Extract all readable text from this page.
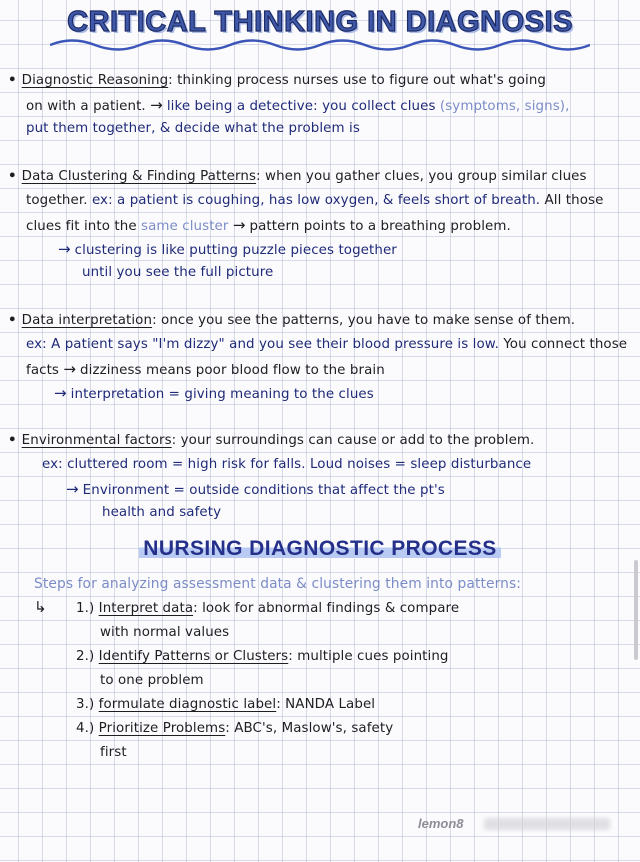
CRITICAL THINKING IN DIAGNOSIS
• Diagnostic Reasoning: thinking process nurses use to figure out what's going
on with a patient. → like being a detective: you collect clues (symptoms, signs),
put them together, & decide what the problem is
• Data Clustering & Finding Patterns: when you gather clues, you group similar clues
together. ex: a patient is coughing, has low oxygen, & feels short of breath. All those
clues fit into the same cluster → pattern points to a breathing problem.
→ clustering is like putting puzzle pieces together
until you see the full picture
• Data interpretation: once you see the patterns, you have to make sense of them.
ex: A patient says "I'm dizzy" and you see their blood pressure is low. You connect those
facts → dizziness means poor blood flow to the brain
→ interpretation = giving meaning to the clues
• Environmental factors: your surroundings can cause or add to the problem.
ex: cluttered room = high risk for falls. Loud noises = sleep disturbance
→ Environment = outside conditions that affect the pt's
health and safety
NURSING DIAGNOSTIC PROCESS
Steps for analyzing assessment data & clustering them into patterns:
↳ 1.) Interpret data: look for abnormal findings & compare
with normal values
2.) Identify Patterns or Clusters: multiple cues pointing
to one problem
3.) formulate diagnostic label: NANDA Label
4.) Prioritize Problems: ABC's, Maslow's, safety
first
lemon8
